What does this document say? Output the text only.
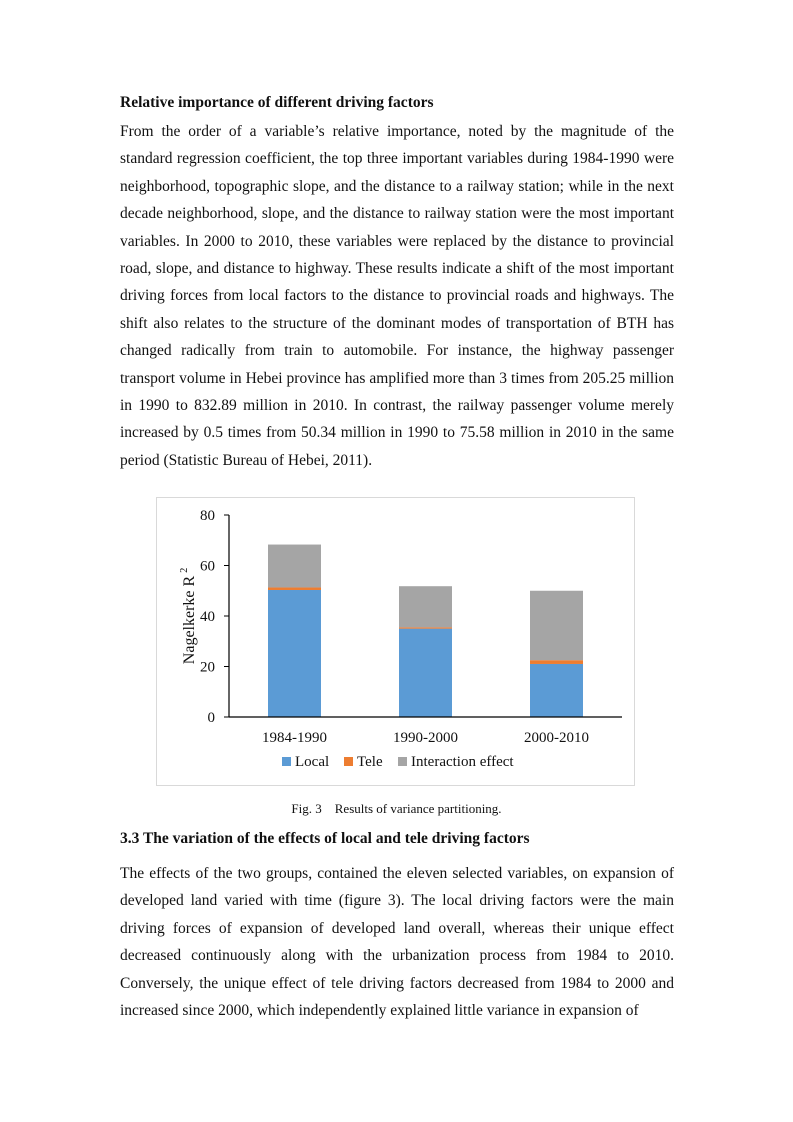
Relative importance of different driving factors

From the order of a variable’s relative importance, noted by the magnitude of the standard regression coefficient, the top three important variables during 1984-1990 were neighborhood, topographic slope, and the distance to a railway station; while in the next decade neighborhood, slope, and the distance to railway station were the most important variables. In 2000 to 2010, these variables were replaced by the distance to provincial road, slope, and distance to highway. These results indicate a shift of the most important driving forces from local factors to the distance to provincial roads and highways. The shift also relates to the structure of the dominant modes of transportation of BTH has changed radically from train to automobile. For instance, the highway passenger transport volume in Hebei province has amplified more than 3 times from 205.25 million in 1990 to 832.89 million in 2010. In contrast, the railway passenger volume merely increased by 0.5 times from 50.34 million in 1990 to 75.58 million in 2010 in the same period (Statistic Bureau of Hebei, 2011).

0
20
40
60
80
1984-1990	1990-2000	2000-2010
Local Tele Interaction effect
Nagelkerke $R^2$
Fig. 3    Results of variance partitioning.

3.3 The variation of the effects of local and tele driving factors

The effects of the two groups, contained the eleven selected variables, on expansion of developed land varied with time (figure 3). The local driving factors were the main driving forces of expansion of developed land overall, whereas their unique effect decreased continuously along with the urbanization process from 1984 to 2010. Conversely, the unique effect of tele driving factors decreased from 1984 to 2000 and increased since 2000, which independently explained little variance in expansion of
